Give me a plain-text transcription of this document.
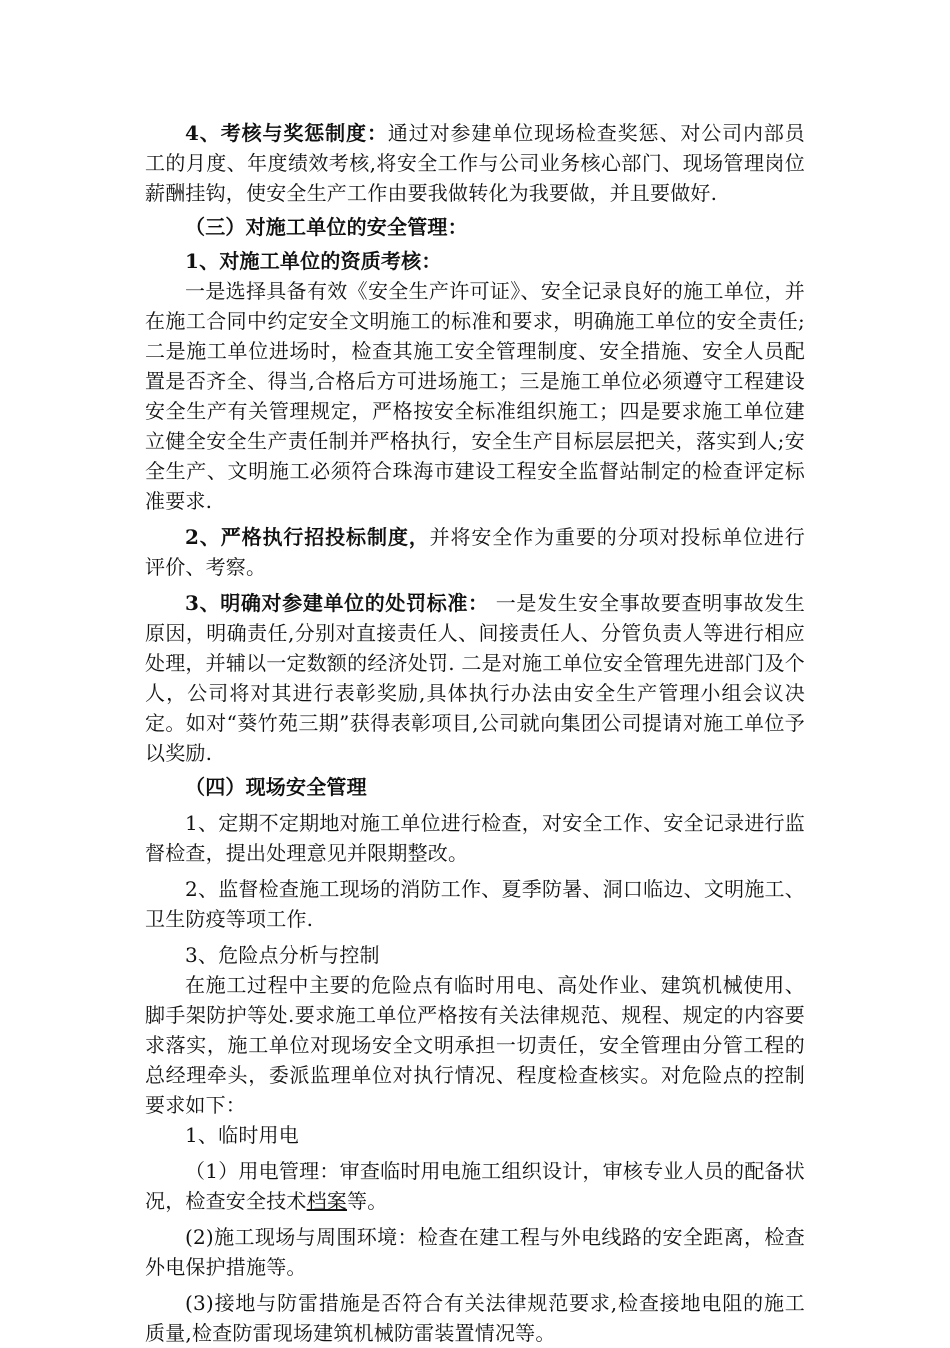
4、考核与奖惩制度：通过对参建单位现场检查奖惩、对公司内部员工的月度、年度绩效考核,将安全工作与公司业务核心部门、现场管理岗位薪酬挂钩，使安全生产工作由要我做转化为我要做，并且要做好.

（三）对施工单位的安全管理：

1、对施工单位的资质考核：

一是选择具备有效《安全生产许可证》、安全记录良好的施工单位，并在施工合同中约定安全文明施工的标准和要求，明确施工单位的安全责任;二是施工单位进场时，检查其施工安全管理制度、安全措施、安全人员配置是否齐全、得当,合格后方可进场施工；三是施工单位必须遵守工程建设安全生产有关管理规定，严格按安全标准组织施工；四是要求施工单位建立健全安全生产责任制并严格执行，安全生产目标层层把关，落实到人;安全生产、文明施工必须符合珠海市建设工程安全监督站制定的检查评定标准要求.

2、严格执行招投标制度，并将安全作为重要的分项对投标单位进行评价、考察。

3、明确对参建单位的处罚标准： 一是发生安全事故要查明事故发生原因，明确责任,分别对直接责任人、间接责任人、分管负责人等进行相应处理，并辅以一定数额的经济处罚. 二是对施工单位安全管理先进部门及个人，公司将对其进行表彰奖励,具体执行办法由安全生产管理小组会议决定。如对“葵竹苑三期”获得表彰项目,公司就向集团公司提请对施工单位予以奖励.

（四）现场安全管理

1、定期不定期地对施工单位进行检查，对安全工作、安全记录进行监督检查，提出处理意见并限期整改。

2、监督检查施工现场的消防工作、夏季防暑、洞口临边、文明施工、卫生防疫等项工作.

3、危险点分析与控制

在施工过程中主要的危险点有临时用电、高处作业、建筑机械使用、脚手架防护等处.要求施工单位严格按有关法律规范、规程、规定的内容要求落实，施工单位对现场安全文明承担一切责任，安全管理由分管工程的总经理牵头，委派监理单位对执行情况、程度检查核实。对危险点的控制要求如下：

1、临时用电

（1）用电管理：审查临时用电施工组织设计，审核专业人员的配备状况，检查安全技术档案等。

(2)施工现场与周围环境：检查在建工程与外电线路的安全距离，检查外电保护措施等。

(3)接地与防雷措施是否符合有关法律规范要求,检查接地电阻的施工质量,检查防雷现场建筑机械防雷装置情况等。
